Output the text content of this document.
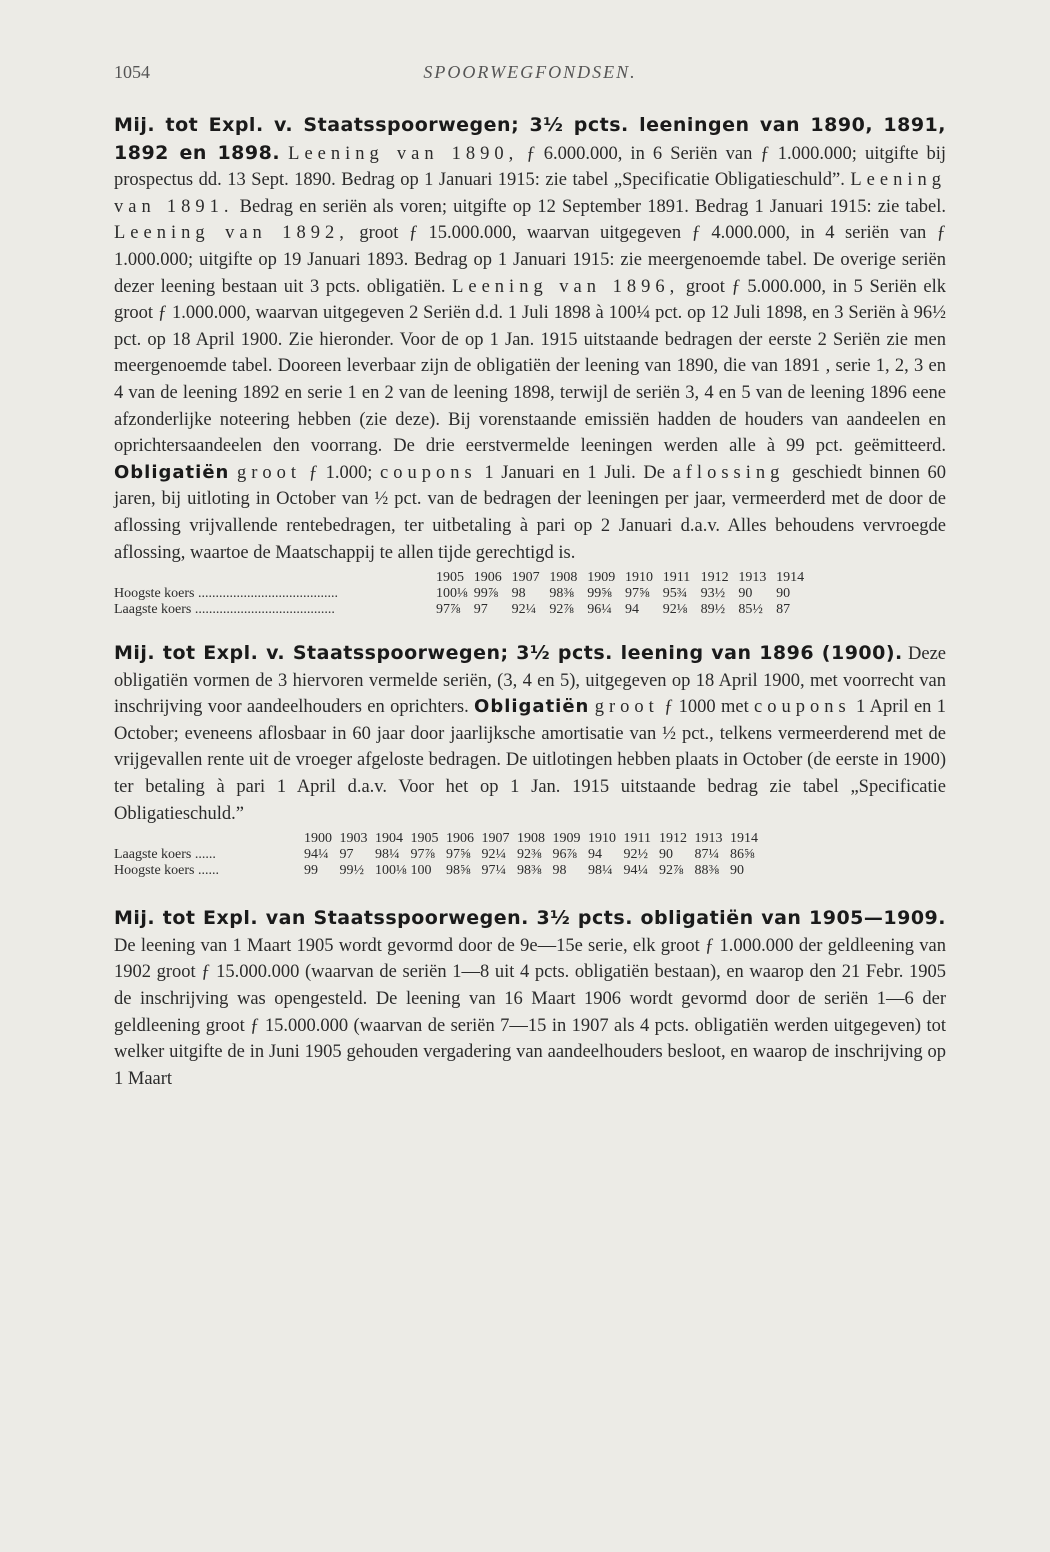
1054	SPOORWEGFONDSEN.

Mij. tot Expl. v. Staatsspoorwegen; 3½ pcts. leeningen van 1890, 1891, 1892 en 1898. Leening van 1890, ƒ 6.000.000, in 6 Seriën van ƒ 1.000.000; uitgifte bij prospectus dd. 13 Sept. 1890. Bedrag op 1 Januari 1915: zie tabel „Specificatie Obligatieschuld”. Leening van 1891. Bedrag en seriën als voren; uitgifte op 12 September 1891. Bedrag 1 Januari 1915: zie tabel. Leening van 1892, groot ƒ 15.000.000, waarvan uitgegeven ƒ 4.000.000, in 4 seriën van ƒ 1.000.000; uitgifte op 19 Januari 1893. Bedrag op 1 Januari 1915: zie meergenoemde tabel. De overige seriën dezer leening bestaan uit 3 pcts. obligatiën. Leening van 1896, groot ƒ 5.000.000, in 5 Seriën elk groot ƒ 1.000.000, waarvan uitgegeven 2 Seriën d.d. 1 Juli 1898 à 100¼ pct. op 12 Juli 1898, en 3 Seriën à 96½ pct. op 18 April 1900. Zie hieronder. Voor de op 1 Jan. 1915 uitstaande bedragen der eerste 2 Seriën zie men meergenoemde tabel. Dooreen leverbaar zijn de obligatiën der leening van 1890, die van 1891 , serie 1, 2, 3 en 4 van de leening 1892 en serie 1 en 2 van de leening 1898, terwijl de seriën 3, 4 en 5 van de leening 1896 eene afzonderlijke noteering hebben (zie deze). Bij vorenstaande emissiën hadden de houders van aandeelen en oprichtersaandeelen den voorrang. De drie eerstvermelde leeningen werden alle à 99 pct. geëmitteerd. Obligatiën groot ƒ 1.000; coupons 1 Januari en 1 Juli. De aflossing geschiedt binnen 60 jaren, bij uitloting in October van ½ pct. van de bedragen der leeningen per jaar, vermeerderd met de door de aflossing vrijvallende rentebedragen, ter uitbetaling à pari op 2 Januari d.a.v. Alles behoudens vervroegde aflossing, waartoe de Maatschappij te allen tijde gerechtigd is.

1905 1906 1907 1908 1909 1910 1911 1912 1913 1914
Hoogste koers ........................................	100⅛ 99⅞ 98	98⅜ 99⅝ 97⅝ 95¾ 93½ 90	90
Laagste koers ........................................	97⅞ 97	92¼ 92⅞ 96¼ 94	92⅛ 89½ 85½ 87

Mij. tot Expl. v. Staatsspoorwegen; 3½ pcts. leening van 1896 (1900). Deze obligatiën vormen de 3 hiervoren vermelde seriën, (3, 4 en 5), uitgegeven op 18 April 1900, met voorrecht van inschrijving voor aandeelhouders en oprichters. Obligatiën groot ƒ 1000 met coupons 1 April en 1 October; eveneens aflosbaar in 60 jaar door jaarlijksche amortisatie van ½ pct., telkens vermeerderend met de vrijgevallen rente uit de vroeger afgeloste bedragen. De uitlotingen hebben plaats in October (de eerste in 1900) ter betaling à pari 1 April d.a.v. Voor het op 1 Jan. 1915 uitstaande bedrag zie tabel „Specificatie Obligatieschuld.”

1900 1903 1904 1905 1906 1907 1908 1909 1910 1911 1912 1913 1914
Laagste koers ......	94¼ 97	98¼ 97⅞ 97⅝ 92¼ 92⅜ 96⅞ 94	92½ 90	87¼ 86⅝
Hoogste koers ......	99	99½ 100⅛ 100	98⅝ 97¼ 98⅜ 98	98¼ 94¼ 92⅞ 88⅜ 90

Mij. tot Expl. van Staatsspoorwegen. 3½ pcts. obligatiën van 1905—1909. De leening van 1 Maart 1905 wordt gevormd door de 9e—15e serie, elk groot ƒ 1.000.000 der geldleening van 1902 groot ƒ 15.000.000 (waarvan de seriën 1—8 uit 4 pcts. obligatiën bestaan), en waarop den 21 Febr. 1905 de inschrijving was opengesteld. De leening van 16 Maart 1906 wordt gevormd door de seriën 1—6 der geldleening groot ƒ 15.000.000 (waarvan de seriën 7—15 in 1907 als 4 pcts. obligatiën werden uitgegeven) tot welker uitgifte de in Juni 1905 gehouden vergadering van aandeelhouders besloot, en waarop de inschrijving op 1 Maart
